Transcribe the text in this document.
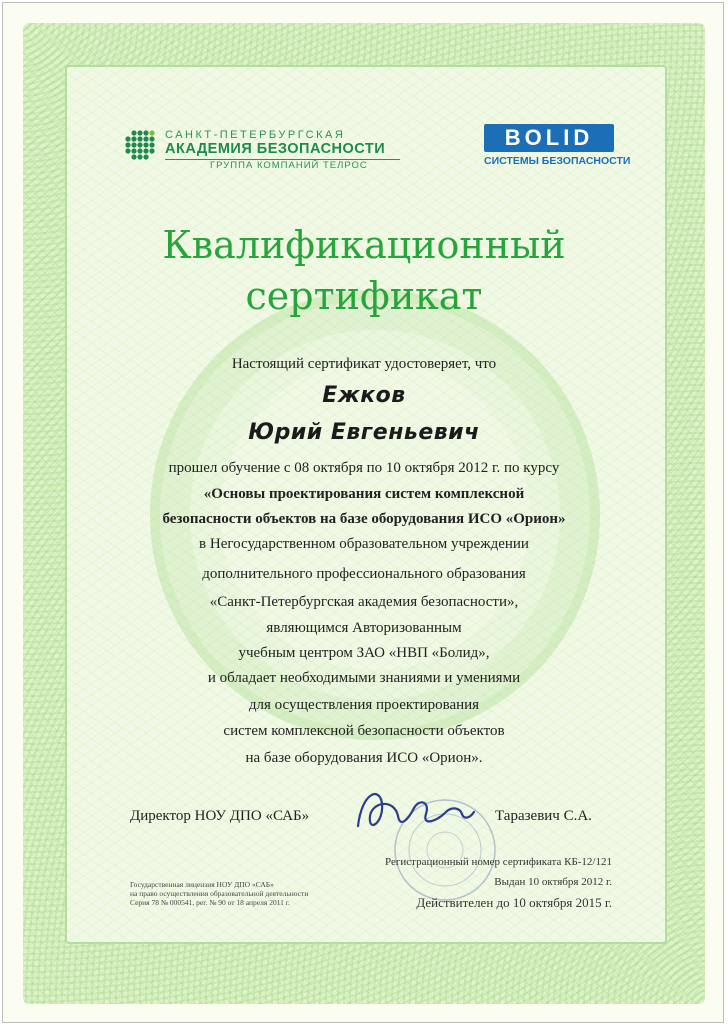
САНКТ-ПЕТЕРБУРГСКАЯ
АКАДЕМИЯ БЕЗОПАСНОСТИ
ГРУППА КОМПАНИЙ ТЕЛРОС
BOLID
СИСТЕМЫ БЕЗОПАСНОСТИ
Квалификационный
сертификат
Настоящий сертификат удостоверяет, что
Ежков
Юрий Евгеньевич
прошел обучение с 08 октября по 10 октября 2012 г. по курсу
«Основы проектирования систем комплексной
безопасности объектов на базе оборудования ИСО «Орион»
в Негосударственном образовательном учреждении
дополнительного профессионального образования
«Санкт-Петербургская академия безопасности»,
являющимся Авторизованным
учебным центром ЗАО «НВП «Болид»,
и обладает необходимыми знаниями и умениями
для осуществления проектирования
систем комплексной безопасности объектов
на базе оборудования ИСО «Орион».
Директор НОУ ДПО «САБ»	Таразевич С.А.
Регистрационный номер сертификата КБ-12/121
Выдан 10 октября 2012 г.
Действителен до 10 октября 2015 г.
Государственная лицензия НОУ ДПО «САБ»
на право осуществления образовательной деятельности
Серия 78 № 000541, рег. № 90 от 18 апреля 2011 г.
